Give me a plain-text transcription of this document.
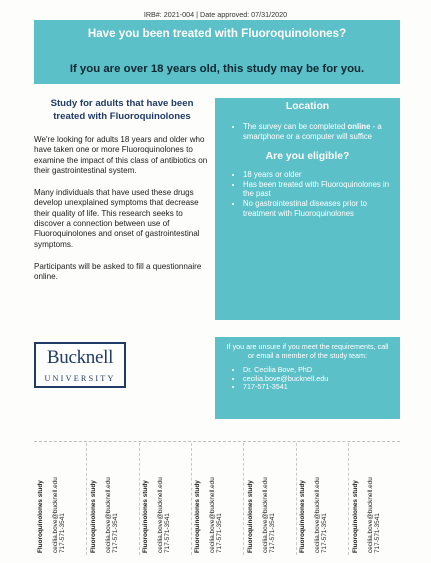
IRB#: 2021-004 | Date approved: 07/31/2020
Have you been treated with Fluoroquinolones?
If you are over 18 years old, this study may be for you.
Study for adults that have been treated with Fluoroquinolones

We're looking for adults 18 years and older who have taken one or more Fluoroquinolones to examine the impact of this class of antibiotics on their gastrointestinal system.

Many individuals that have used these drugs develop unexplained symptoms that decrease their quality of life. This research seeks to discover a connection between use of Fluoroquinolones and onset of gastrointestinal symptoms.

Participants will be asked to fill a questionnaire online.

Location
• The survey can be completed online - a smartphone or a computer will suffice
Are you eligible?
• 18 years or older
• Has been treated with Fluoroquinolones in the past
• No gastrointestinal diseases prior to treatment with Fluoroquinolones
Bucknell
UNIVERSITY
If you are unsure if you meet the requirements, call or email a member of the study team:
• Dr. Cecilia Bove, PhD
• cecilia.bove@bucknell.edu
• 717-571-3541
Fluoroquinolones study cecilia.bove@bucknell.edu 717-571-3541	Fluoroquinolones study cecilia.bove@bucknell.edu 717-571-3541	Fluoroquinolones study cecilia.bove@bucknell.edu 717-571-3541	Fluoroquinolones study cecilia.bove@bucknell.edu 717-571-3541	Fluoroquinolones study cecilia.bove@bucknell.edu 717-571-3541	Fluoroquinolones study cecilia.bove@bucknell.edu 717-571-3541	Fluoroquinolones study cecilia.bove@bucknell.edu 717-571-3541
